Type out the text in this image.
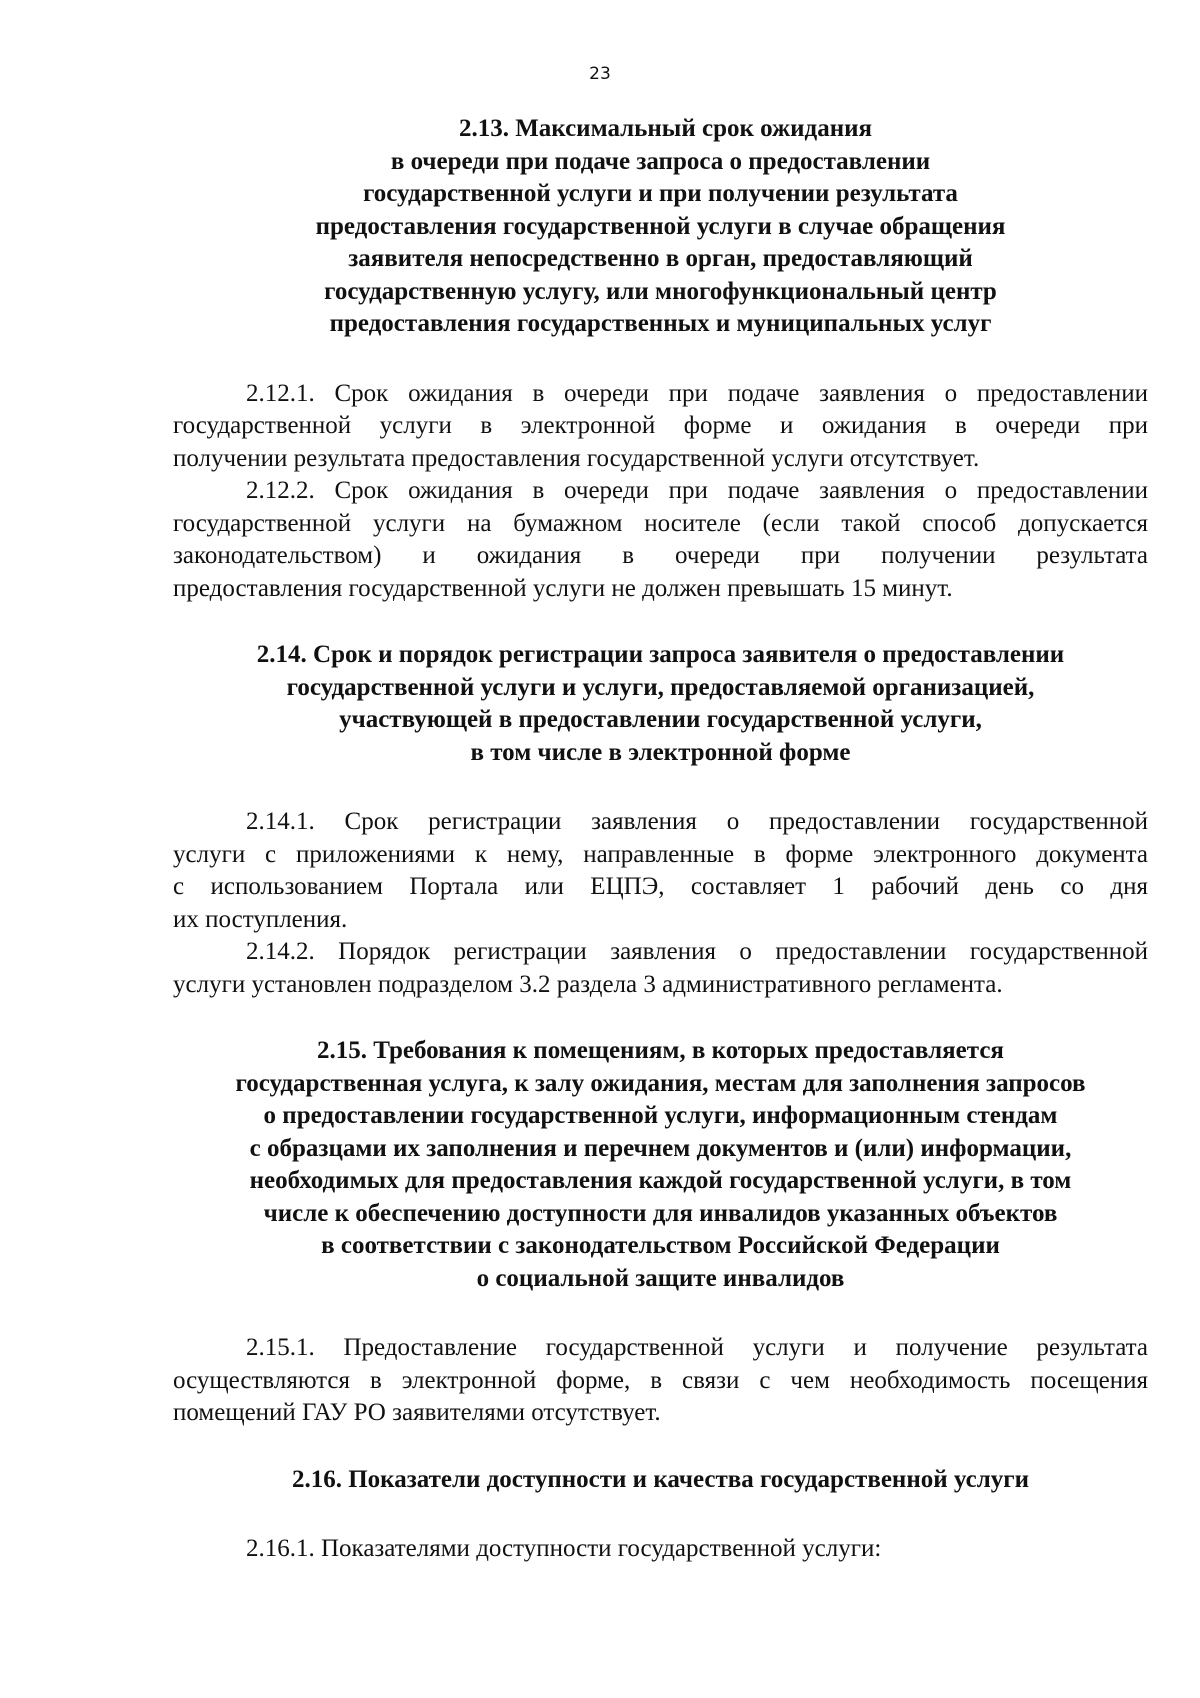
23
2.13. Максимальный срок ожидания
в очереди при подаче запроса о предоставлении
государственной услуги и при получении результата
предоставления государственной услуги в случае обращения
заявителя непосредственно в орган, предоставляющий
государственную услугу, или многофункциональный центр
предоставления государственных и муниципальных услуг

2.12.1. Срок ожидания в очереди при подаче заявления о предоставлении
государственной услуги в электронной форме и ожидания в очереди при
получении результата предоставления государственной услуги отсутствует.

2.12.2. Срок ожидания в очереди при подаче заявления о предоставлении
государственной услуги на бумажном носителе (если такой способ допускается
законодательством) и ожидания в очереди при получении результата
предоставления государственной услуги не должен превышать 15 минут.

2.14. Срок и порядок регистрации запроса заявителя о предоставлении
государственной услуги и услуги, предоставляемой организацией,
участвующей в предоставлении государственной услуги,
в том числе в электронной форме

2.14.1. Срок регистрации заявления о предоставлении государственной
услуги с приложениями к нему, направленные в форме электронного документа
с использованием Портала или ЕЦПЭ, составляет 1 рабочий день со дня
их поступления.

2.14.2. Порядок регистрации заявления о предоставлении государственной
услуги установлен подразделом 3.2 раздела 3 административного регламента.

2.15. Требования к помещениям, в которых предоставляется
государственная услуга, к залу ожидания, местам для заполнения запросов
о предоставлении государственной услуги, информационным стендам
с образцами их заполнения и перечнем документов и (или) информации,
необходимых для предоставления каждой государственной услуги, в том
числе к обеспечению доступности для инвалидов указанных объектов
в соответствии с законодательством Российской Федерации
о социальной защите инвалидов

2.15.1. Предоставление государственной услуги и получение результата
осуществляются в электронной форме, в связи с чем необходимость посещения
помещений ГАУ РО заявителями отсутствует.

2.16. Показатели доступности и качества государственной услуги

2.16.1. Показателями доступности государственной услуги:
